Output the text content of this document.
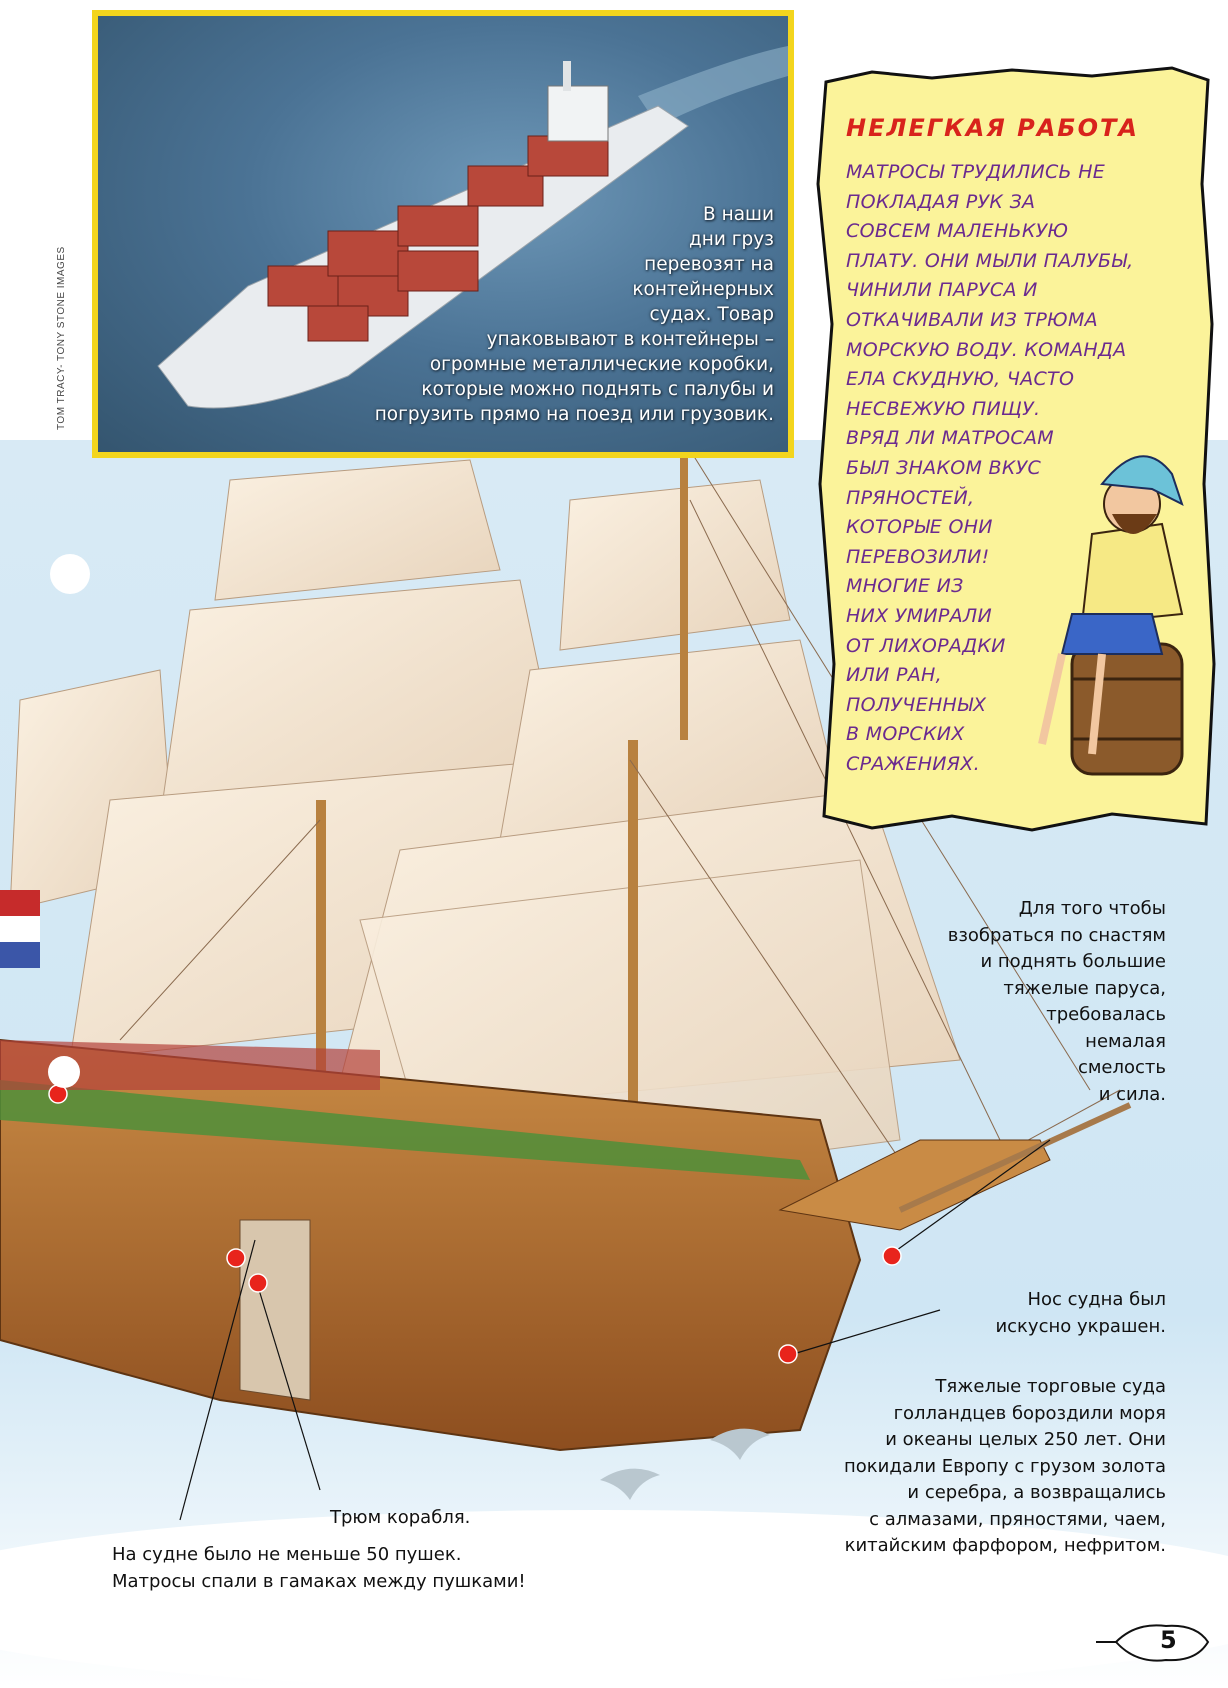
В наши
дни груз
перевозят на
контейнерных
судах. Товар
упаковывают в контейнеры –
огромные металлические коробки,
которые можно поднять с палубы и
погрузить прямо на поезд или грузовик.
TOM TRACY- TONY STONE IMAGES
НЕЛЕГКАЯ РАБОТА
МАТРОСЫ ТРУДИЛИСЬ НЕ
ПОКЛАДАЯ РУК ЗА
СОВСЕМ МАЛЕНЬКУЮ
ПЛАТУ. ОНИ МЫЛИ ПАЛУБЫ,
ЧИНИЛИ ПАРУСА И
ОТКАЧИВАЛИ ИЗ ТРЮМА
МОРСКУЮ ВОДУ. КОМАНДА
ЕЛА СКУДНУЮ, ЧАСТО
НЕСВЕЖУЮ ПИЩУ.
ВРЯД ЛИ МАТРОСАМ
БЫЛ ЗНАКОМ ВКУС
ПРЯНОСТЕЙ,
КОТОРЫЕ ОНИ
ПЕРЕВОЗИЛИ!
МНОГИЕ ИЗ
НИХ УМИРАЛИ
ОТ ЛИХОРАДКИ
ИЛИ РАН,
ПОЛУЧЕННЫХ
В МОРСКИХ
СРАЖЕНИЯХ.
Для того чтобы
взобраться по снастям
и поднять большие
тяжелые паруса,
требовалась
немалая
смелость
и сила.
Нос судна был
искусно украшен.
Тяжелые торговые суда
голландцев бороздили моря
и океаны целых 250 лет. Они
покидали Европу с грузом золота
и серебра, а возвращались
с алмазами, пряностями, чаем,
китайским фарфором, нефритом.
Трюм корабля.
На судне было не меньше 50 пушек.
Матросы спали в гамаках между пушками!
5
